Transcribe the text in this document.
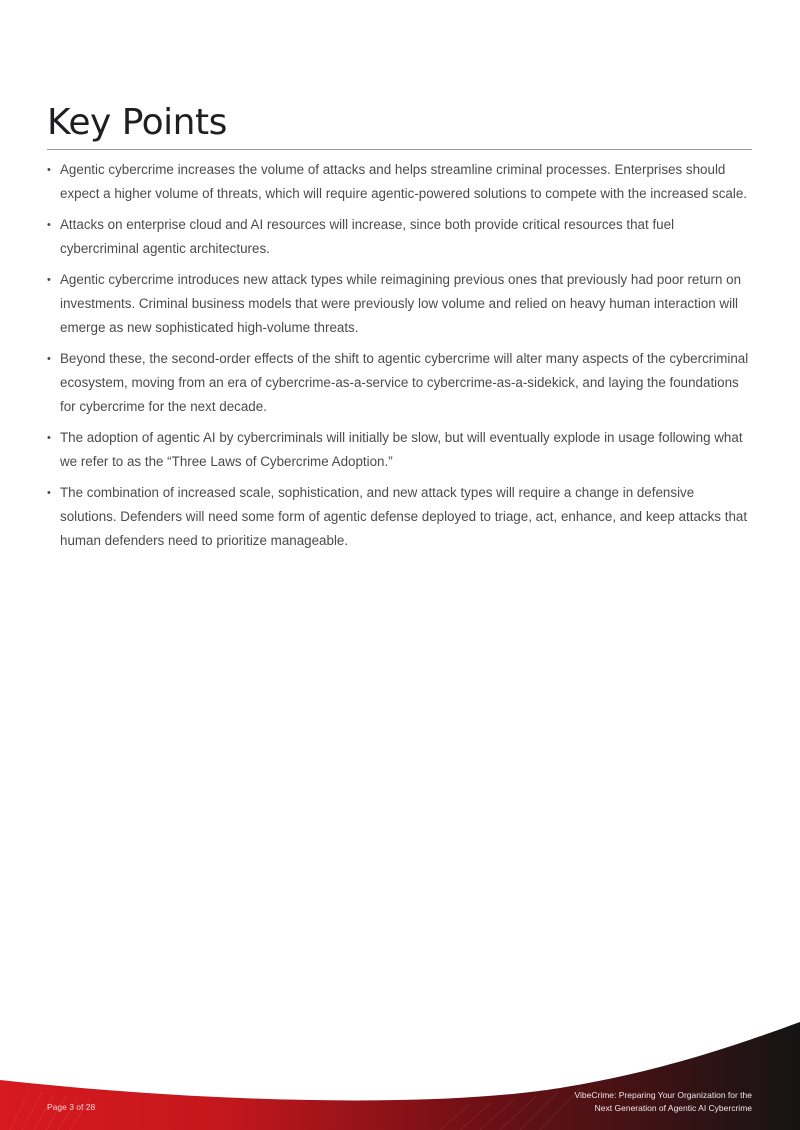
Key Points
• Agentic cybercrime increases the volume of attacks and helps streamline criminal processes. Enterprises should expect a higher volume of threats, which will require agentic-powered solutions to compete with the increased scale.
• Attacks on enterprise cloud and AI resources will increase, since both provide critical resources that fuel cybercriminal agentic architectures.
• Agentic cybercrime introduces new attack types while reimagining previous ones that previously had poor return on investments. Criminal business models that were previously low volume and relied on heavy human interaction will emerge as new sophisticated high-volume threats.
• Beyond these, the second-order effects of the shift to agentic cybercrime will alter many aspects of the cybercriminal ecosystem, moving from an era of cybercrime-as-a-service to cybercrime-as-a-sidekick, and laying the foundations for cybercrime for the next decade.
• The adoption of agentic AI by cybercriminals will initially be slow, but will eventually explode in usage following what we refer to as the “Three Laws of Cybercrime Adoption.”
• The combination of increased scale, sophistication, and new attack types will require a change in defensive solutions. Defenders will need some form of agentic defense deployed to triage, act, enhance, and keep attacks that human defenders need to prioritize manageable.
Page 3 of 28
VibeCrime: Preparing Your Organization for the
Next Generation of Agentic AI Cybercrime
